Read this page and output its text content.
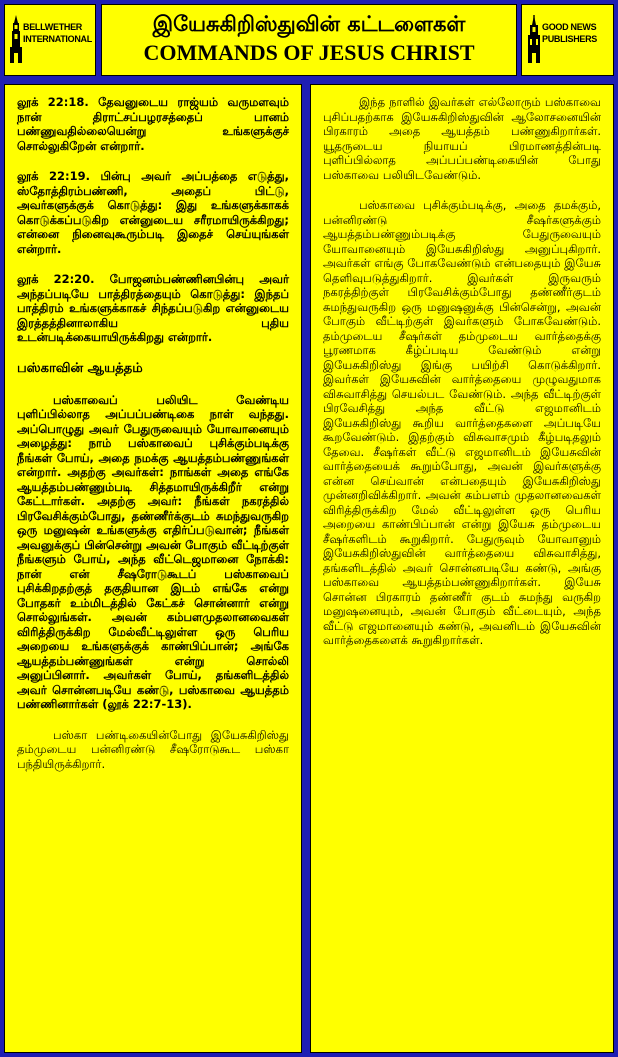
BELLWETHER
INTERNATIONAL
இயேசுகிறிஸ்துவின் கட்டளைகள்
COMMANDS OF JESUS CHRIST
GOOD NEWS
PUBLISHERS

லூக் 22:18. தேவனுடைய ராஜ்யம் வருமளவும் நான் திராட்சப்பழரசத்தைப் பானம் பண்ணுவதில்லையென்று உங்களுக்குச் சொல்லுகிறேன் என்றார்.

லூக் 22:19. பின்பு அவர் அப்பத்தை எடுத்து, ஸ்தோத்திரம்பண்ணி, அதைப் பிட்டு, அவர்களுக்குக் கொடுத்து: இது உங்களுக்காகக் கொடுக்கப்படுகிற என்னுடைய சரீரமாயிருக்கிறது; என்னை நினைவுகூரும்படி இதைச் செய்யுங்கள் என்றார்.

லூக் 22:20. போஜனம்பண்ணினபின்பு அவர் அந்தப்படியே பாத்திரத்தையும் கொடுத்து: இந்தப் பாத்திரம் உங்களுக்காகச் சிந்தப்படுகிற என்னுடைய இரத்தத்தினாலாகிய புதிய உடன்படிக்கையாயிருக்கிறது என்றார்.

பஸ்காவின் ஆயத்தம்

பஸ்காவைப் பலியிட வேண்டிய புளிப்பில்லாத அப்பப்பண்டிகை நாள் வந்தது. அப்பொழுது அவர் பேதுருவையும் யோவானையும் அழைத்து: நாம் பஸ்காவைப் புசிக்கும்படிக்கு நீங்கள் போய், அதை நமக்கு ஆயத்தம்பண்ணுங்கள் என்றார். அதற்கு அவர்கள்: நாங்கள் அதை எங்கே ஆயத்தம்பண்ணும்படி சித்தமாயிருக்கிறீர் என்று கேட்டார்கள். அதற்கு அவர்: நீங்கள் நகரத்தில் பிரவேசிக்கும்போது, தண்ணீர்க்குடம் சுமந்துவருகிற ஒரு மனுஷன் உங்களுக்கு எதிர்ப்படுவான்; நீங்கள் அவனுக்குப் பின்சென்று அவன் போகும் வீட்டிற்குள் நீங்களும் போய், அந்த வீட்டெஜமானை நோக்கி: நான் என் சீஷரோடுகூடப் பஸ்காவைப் புசிக்கிறதற்குத் தகுதியான இடம் எங்கே என்று போதகர் உம்மிடத்தில் கேட்கச் சொன்னார் என்று சொல்லுங்கள். அவன் கம்பளமுதலானவைகள் விரித்திருக்கிற மேல்வீட்டிலுள்ள ஒரு பெரிய அறையை உங்களுக்குக் காண்பிப்பான்; அங்கே ஆயத்தம்பண்ணுங்கள் என்று சொல்லி அனுப்பினார். அவர்கள் போய், தங்களிடத்தில் அவர் சொன்னபடியே கண்டு, பஸ்காவை ஆயத்தம் பண்ணினார்கள் (லூக் 22:7-13).

பஸ்கா பண்டிகையின்போது இயேசுகிறிஸ்து தம்முடைய பன்னிரண்டு சீஷரோடுகூட பஸ்கா பந்தியிருக்கிறார்.

இந்த நாளில் இவர்கள் எல்லோரும் பஸ்காவை புசிப்பதற்காக இயேசுகிறிஸ்துவின் ஆலோசனையின் பிரகாரம் அதை ஆயத்தம் பண்ணுகிறார்கள். யூதருடைய நியாயப் பிரமாணத்தின்படி புளிப்பில்லாத அப்பப்பண்டிகையின் போது பஸ்காவை பலியிடவேண்டும்.

பஸ்காவை புசிக்கும்படிக்கு, அதை தமக்கும், பன்னிரண்டு சீஷர்களுக்கும் ஆயத்தம்பண்ணும்படிக்கு பேதுருவையும் யோவானையும் இயேசுகிறிஸ்து அனுப்புகிறார். அவர்கள் எங்கு போகவேண்டும் என்பதையும் இயேசு தெளிவுபடுத்துகிறார். இவர்கள் இருவரும் நகரத்திற்குள் பிரவேசிக்கும்போது தண்ணீர்குடம் சுமந்துவருகிற ஒரு மனுஷனுக்கு பின்சென்று, அவன் போகும் வீட்டிற்குள் இவர்களும் போகவேண்டும். தம்முடைய சீஷர்கள் தம்முடைய வார்த்தைக்கு பூரணமாக கீழ்ப்படிய வேண்டும் என்று இயேசுகிறிஸ்து இங்கு பயிற்சி கொடுக்கிறார். இவர்கள் இயேசுவின் வார்த்தையை முழுவதுமாக விசுவாசித்து செயல்பட வேண்டும். அந்த வீட்டிற்குள் பிரவேசித்து அந்த வீட்டு எஜமானிடம் இயேசுகிறிஸ்து கூறிய வார்த்தைகளை அப்படியே கூறவேண்டும். இதற்கும் விசுவாசமும் கீழ்படிதலும் தேவை. சீஷர்கள் வீட்டு எஜமானிடம் இயேசுவின் வார்த்தையைக் கூறும்போது, அவன் இவர்களுக்கு என்ன செய்வான் என்பதையும் இயேசுகிறிஸ்து முன்னறிவிக்கிறார். அவன் கம்பளம் முதலானவைகள் விரித்திருக்கிற மேல் வீட்டிலுள்ள ஒரு பெரிய அறையை காண்பிப்பான் என்று இயேசு தம்முடைய சீஷர்களிடம் கூறுகிறார். பேதுருவும் யோவானும் இயேசுகிறிஸ்துவின் வார்த்தையை விசுவாசித்து, தங்களிடத்தில் அவர் சொன்னபடியே கண்டு, அங்கு பஸ்காவை ஆயத்தம்பண்ணுகிறார்கள். இயேசு சொன்ன பிரகாரம் தண்ணீர் குடம் சுமந்து வருகிற மனுஷனையும், அவன் போகும் வீட்டையும், அந்த வீட்டு எஜமானையும் கண்டு, அவனிடம் இயேசுவின் வார்த்தைகளைக் கூறுகிறார்கள்.
